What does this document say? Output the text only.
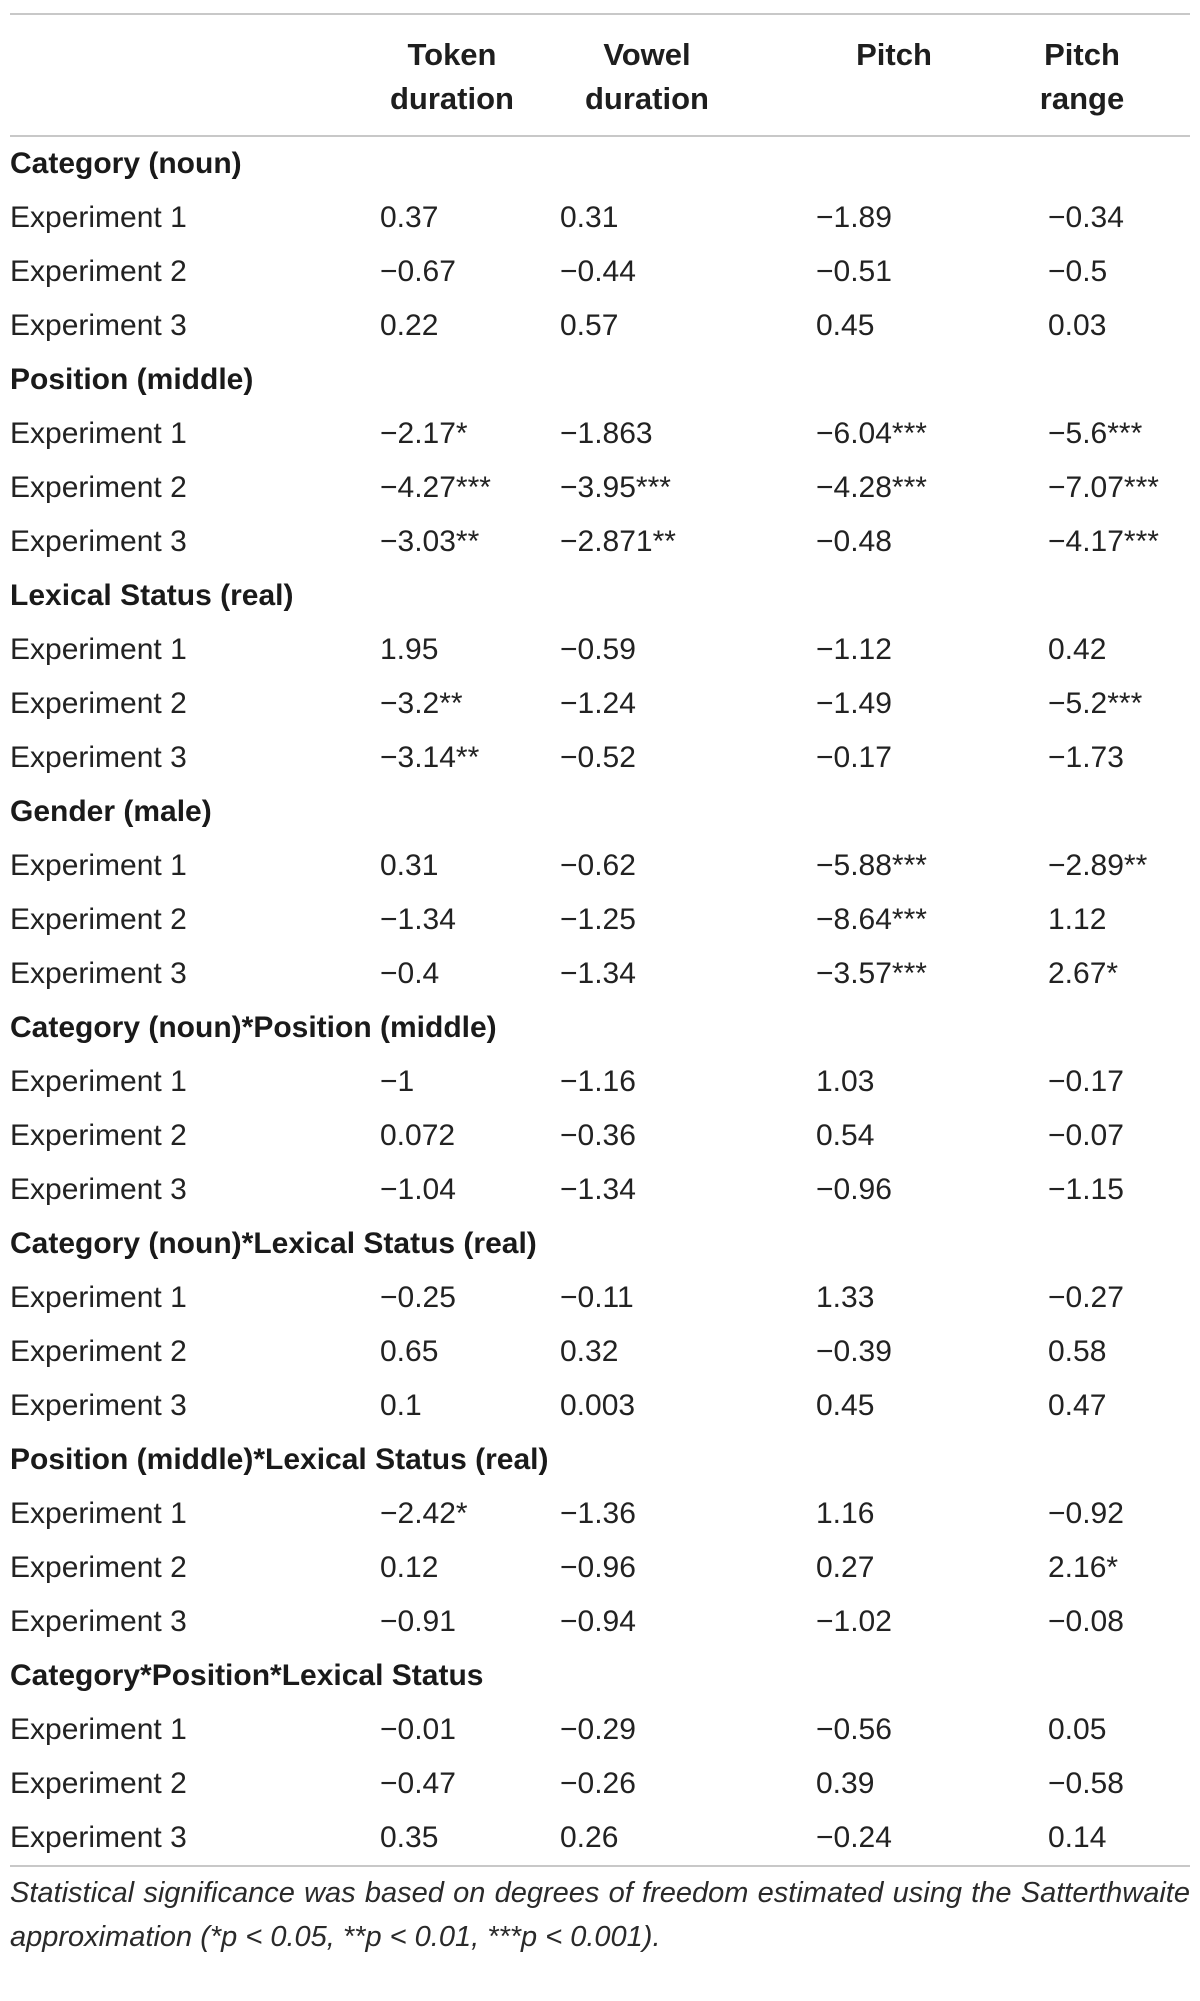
	Token	Vowel	Pitch	Pitch
	duration	duration		range

Category (noun)				
Experiment 1	0.37	0.31	−1.89	−0.34
Experiment 2	−0.67	−0.44	−0.51	−0.5
Experiment 3	0.22	0.57	0.45	0.03
Position (middle)				
Experiment 1	−2.17*	−1.863	−6.04***	−5.6***
Experiment 2	−4.27***	−3.95***	−4.28***	−7.07***
Experiment 3	−3.03**	−2.871**	−0.48	−4.17***
Lexical Status (real)				
Experiment 1	1.95	−0.59	−1.12	0.42
Experiment 2	−3.2**	−1.24	−1.49	−5.2***
Experiment 3	−3.14**	−0.52	−0.17	−1.73
Gender (male)				
Experiment 1	0.31	−0.62	−5.88***	−2.89**
Experiment 2	−1.34	−1.25	−8.64***	1.12
Experiment 3	−0.4	−1.34	−3.57***	2.67*
Category (noun)*Position (middle)				
Experiment 1	−1	−1.16	1.03	−0.17
Experiment 2	0.072	−0.36	0.54	−0.07
Experiment 3	−1.04	−1.34	−0.96	−1.15
Category (noun)*Lexical Status (real)				
Experiment 1	−0.25	−0.11	1.33	−0.27
Experiment 2	0.65	0.32	−0.39	0.58
Experiment 3	0.1	0.003	0.45	0.47
Position (middle)*Lexical Status (real)				
Experiment 1	−2.42*	−1.36	1.16	−0.92
Experiment 2	0.12	−0.96	0.27	2.16*
Experiment 3	−0.91	−0.94	−1.02	−0.08
Category*Position*Lexical Status				
Experiment 1	−0.01	−0.29	−0.56	0.05
Experiment 2	−0.47	−0.26	0.39	−0.58
Experiment 3	0.35	0.26	−0.24	0.14
Statistical significance was based on degrees of freedom estimated using the Satterthwaite approximation (*p < 0.05, **p < 0.01, ***p < 0.001).
